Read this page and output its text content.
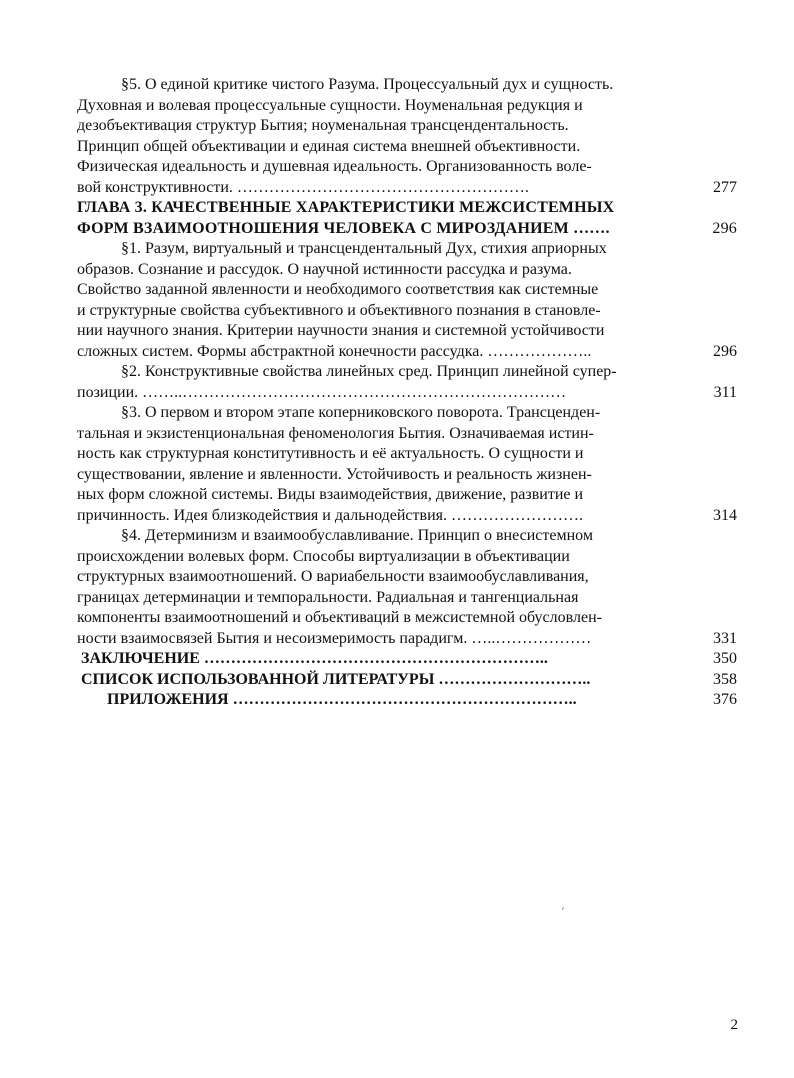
§5. О единой критике чистого Разума. Процессуальный дух и сущность.
Духовная и волевая процессуальные сущности. Ноуменальная редукция и
дезобъективация структур Бытия; ноуменальная трансцендентальность.
Принцип общей объективации и единая система внешней объективности.
Физическая идеальность и душевная идеальность. Организованность воле-
вой конструктивности. ……………………………………………….	277
ГЛАВА 3. КАЧЕСТВЕННЫЕ ХАРАКТЕРИСТИКИ МЕЖСИСТЕМНЫХ
ФОРМ ВЗАИМООТНОШЕНИЯ ЧЕЛОВЕКА С МИРОЗДАНИЕМ …….	296
§1. Разум, виртуальный и трансцендентальный Дух, стихия априорных
образов. Сознание и рассудок. О научной истинности рассудка и разума.
Свойство заданной явленности и необходимого соответствия как системные
и структурные свойства субъективного и объективного познания в становле-
нии научного знания. Критерии научности знания и системной устойчивости
сложных систем. Формы абстрактной конечности рассудка. ………………..	296
§2. Конструктивные свойства линейных сред. Принцип линейной супер-
позиции. ……..………………………………………………………………	311
§3. О первом и втором этапе коперниковского поворота. Трансценден-
тальная и экзистенциональная феноменология Бытия. Означиваемая истин-
ность как структурная конститутивность и её актуальность. О сущности и
существовании, явление и явленности. Устойчивость и реальность жизнен-
ных форм сложной системы. Виды взаимодействия, движение, развитие и
причинность. Идея близкодействия и дальнодействия. …………………….	314
§4. Детерминизм и взаимообуславливание. Принцип о внесистемном
происхождении волевых форм. Способы виртуализации в объективации
структурных взаимоотношений. О вариабельности взаимообуславливания,
границах детерминации и темпоральности. Радиальная и тангенциальная
компоненты взаимоотношений и объективаций в межсистемной обусловлен-
ности взаимосвязей Бытия и несоизмеримость парадигм. …..………………	331
ЗАКЛЮЧЕНИЕ ………………………………………………………..	350
СПИСОК ИСПОЛЬЗОВАННОЙ ЛИТЕРАТУРЫ ………………………..	358
ПРИЛОЖЕНИЯ ………………………………………………………..	376
ˊ
2
